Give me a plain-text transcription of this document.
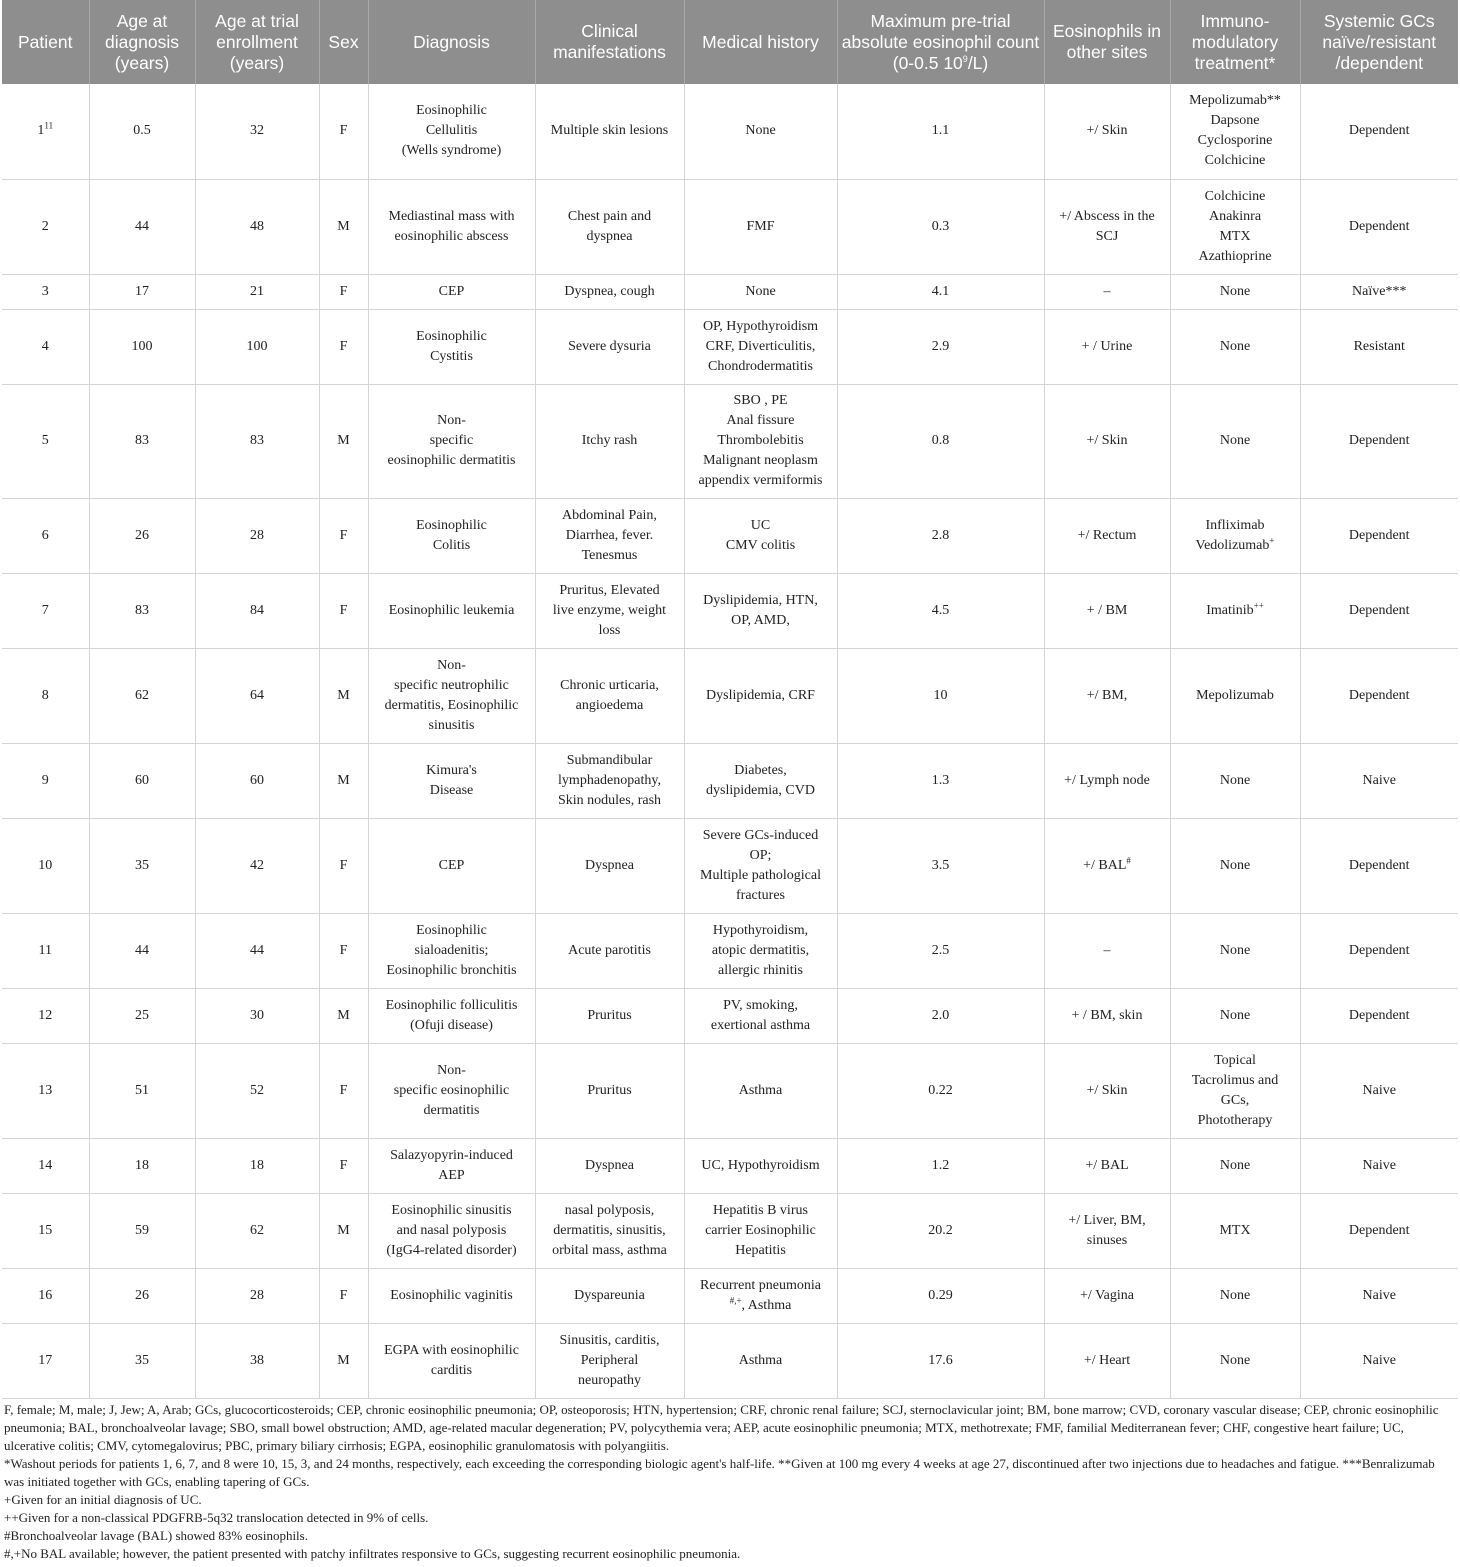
Patient	Age at diagnosis (years)	Age at trial enrollment (years)	Sex	Diagnosis	Clinical manifestations	Medical history	Maximum pre-trial absolute eosinophil count (0-0.5 $10^9/L$)	Eosinophils in other sites	Immuno- modulatory treatment*	Systemic GCs naïve/resistant /dependent
$1^{11}$	0.5	32	F	Eosinophilic
Cellulitis
(Wells syndrome)	Multiple skin lesions	None	1.1	+/ Skin	Mepolizumab**
Dapsone
Cyclosporine
Colchicine	Dependent

2	44	48	M	Mediastinal mass with
eosinophilic abscess	Chest pain and
dyspnea	FMF	0.3	+/ Abscess in the
SCJ	Colchicine
Anakinra
MTX
Azathioprine	Dependent

3	17	21	F	CEP	Dyspnea, cough	None	4.1	–	None	Naïve***

4	100	100	F	Eosinophilic
Cystitis	Severe dysuria	OP, Hypothyroidism
CRF, Diverticulitis,
Chondrodermatitis	2.9	+ / Urine	None	Resistant

5	83	83	M	Non-
specific
eosinophilic dermatitis	Itchy rash	SBO , PE
Anal fissure
Thrombolebitis
Malignant neoplasm
appendix vermiformis	0.8	+/ Skin	None	Dependent

6	26	28	F	Eosinophilic
Colitis	Abdominal Pain,
Diarrhea, fever.
Tenesmus	UC
CMV colitis	2.8	+/ Rectum	Infliximab
Vedolizumab+	Dependent

7	83	84	F	Eosinophilic leukemia	Pruritus, Elevated
live enzyme, weight
loss	Dyslipidemia, HTN,
OP, AMD,	4.5	+ / BM	Imatinib++	Dependent

8	62	64	M	Non-
specific neutrophilic
dermatitis, Eosinophilic
sinusitis	Chronic urticaria,
angioedema	Dyslipidemia, CRF	10	+/ BM,	Mepolizumab	Dependent

9	60	60	M	Kimura's
Disease	Submandibular
lymphadenopathy,
Skin nodules, rash	Diabetes,
dyslipidemia, CVD	1.3	+/ Lymph node	None	Naive

10	35	42	F	CEP	Dyspnea	Severe GCs-induced
OP;
Multiple pathological
fractures	3.5	+/ BAL#	None	Dependent

11	44	44	F	Eosinophilic
sialoadenitis;
Eosinophilic bronchitis	Acute parotitis	Hypothyroidism,
atopic dermatitis,
allergic rhinitis	2.5	–	None	Dependent

12	25	30	M	Eosinophilic folliculitis
(Ofuji disease)	Pruritus	PV, smoking,
exertional asthma	2.0	+ / BM, skin	None	Dependent

13	51	52	F	Non-
specific eosinophilic
dermatitis	Pruritus	Asthma	0.22	+/ Skin	Topical
Tacrolimus and
GCs,
Phototherapy	Naive

14	18	18	F	Salazyopyrin-induced
AEP	Dyspnea	UC, Hypothyroidism	1.2	+/ BAL	None	Naive

15	59	62	M	Eosinophilic sinusitis
and nasal polyposis
(IgG4-related disorder)	nasal polyposis,
dermatitis, sinusitis,
orbital mass, asthma	Hepatitis B virus
carrier Eosinophilic
Hepatitis	20.2	+/ Liver, BM,
sinuses	MTX	Dependent

16	26	28	F	Eosinophilic vaginitis	Dyspareunia	Recurrent pneumonia
#,+, Asthma	0.29	+/ Vagina	None	Naive

17	35	38	M	EGPA with eosinophilic
carditis	Sinusitis, carditis,
Peripheral
neuropathy	Asthma	17.6	+/ Heart	None	Naive

F, female; M, male; J, Jew; A, Arab; GCs, glucocorticosteroids; CEP, chronic eosinophilic pneumonia; OP, osteoporosis; HTN, hypertension; CRF, chronic renal failure; SCJ, sternoclavicular joint; BM, bone marrow; CVD, coronary vascular disease; CEP, chronic eosinophilic pneumonia; BAL, bronchoalveolar lavage; SBO, small bowel obstruction; AMD, age-related macular degeneration; PV, polycythemia vera; AEP, acute eosinophilic pneumonia; MTX, methotrexate; FMF, familial Mediterranean fever; CHF, congestive heart failure; UC, ulcerative colitis; CMV, cytomegalovirus; PBC, primary biliary cirrhosis; EGPA, eosinophilic granulomatosis with polyangiitis.

*Washout periods for patients 1, 6, 7, and 8 were 10, 15, 3, and 24 months, respectively, each exceeding the corresponding biologic agent's half-life. **Given at 100 mg every 4 weeks at age 27, discontinued after two injections due to headaches and fatigue. ***Benralizumab was initiated together with GCs, enabling tapering of GCs.

+Given for an initial diagnosis of UC.

++Given for a non-classical PDGFRB-5q32 translocation detected in 9% of cells.

#Bronchoalveolar lavage (BAL) showed 83% eosinophils.

#,+No BAL available; however, the patient presented with patchy infiltrates responsive to GCs, suggesting recurrent eosinophilic pneumonia.
